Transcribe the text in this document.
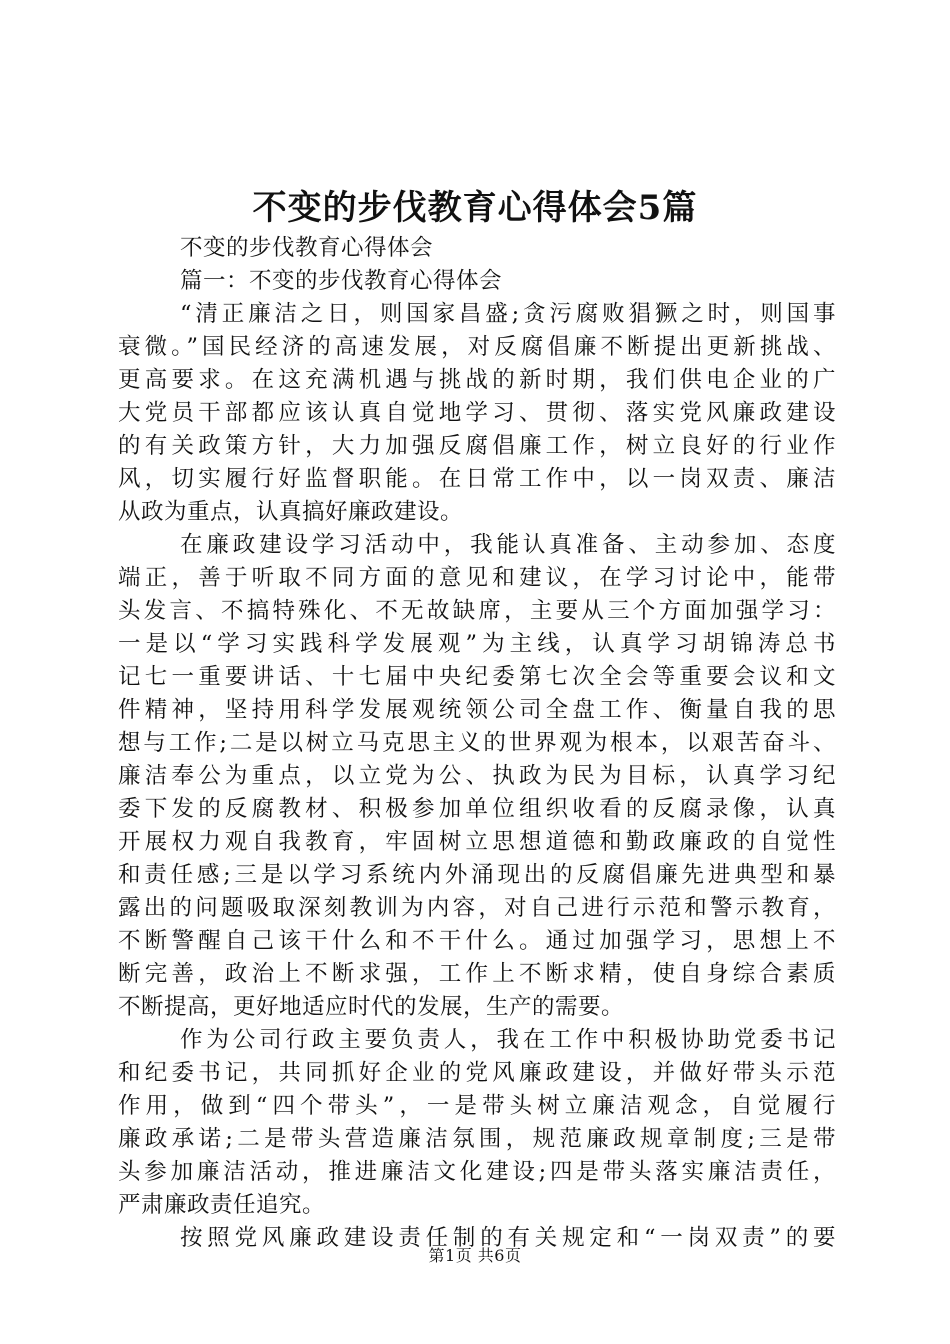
不变的步伐教育心得体会5篇
不变的步伐教育心得体会
篇一：不变的步伐教育心得体会
“清正廉洁之日，则国家昌盛;贪污腐败猖獗之时，则国事
衰微。”国民经济的高速发展，对反腐倡廉不断提出更新挑战、
更高要求。在这充满机遇与挑战的新时期，我们供电企业的广
大党员干部都应该认真自觉地学习、贯彻、落实党风廉政建设
的有关政策方针，大力加强反腐倡廉工作，树立良好的行业作
风，切实履行好监督职能。在日常工作中，以一岗双责、廉洁
从政为重点，认真搞好廉政建设。
在廉政建设学习活动中，我能认真准备、主动参加、态度
端正，善于听取不同方面的意见和建议，在学习讨论中，能带
头发言、不搞特殊化、不无故缺席，主要从三个方面加强学习：
一是以“学习实践科学发展观”为主线，认真学习胡锦涛总书
记七一重要讲话、十七届中央纪委第七次全会等重要会议和文
件精神，坚持用科学发展观统领公司全盘工作、衡量自我的思
想与工作;二是以树立马克思主义的世界观为根本，以艰苦奋斗、
廉洁奉公为重点，以立党为公、执政为民为目标，认真学习纪
委下发的反腐教材、积极参加单位组织收看的反腐录像，认真
开展权力观自我教育，牢固树立思想道德和勤政廉政的自觉性
和责任感;三是以学习系统内外涌现出的反腐倡廉先进典型和暴
露出的问题吸取深刻教训为内容，对自己进行示范和警示教育，
不断警醒自己该干什么和不干什么。通过加强学习，思想上不
断完善，政治上不断求强，工作上不断求精，使自身综合素质
不断提高，更好地适应时代的发展，生产的需要。
作为公司行政主要负责人，我在工作中积极协助党委书记
和纪委书记，共同抓好企业的党风廉政建设，并做好带头示范
作用，做到“四个带头”，一是带头树立廉洁观念，自觉履行
廉政承诺;二是带头营造廉洁氛围，规范廉政规章制度;三是带
头参加廉洁活动，推进廉洁文化建设;四是带头落实廉洁责任，
严肃廉政责任追究。
按照党风廉政建设责任制的有关规定和“一岗双责”的要
第1页 共6页
